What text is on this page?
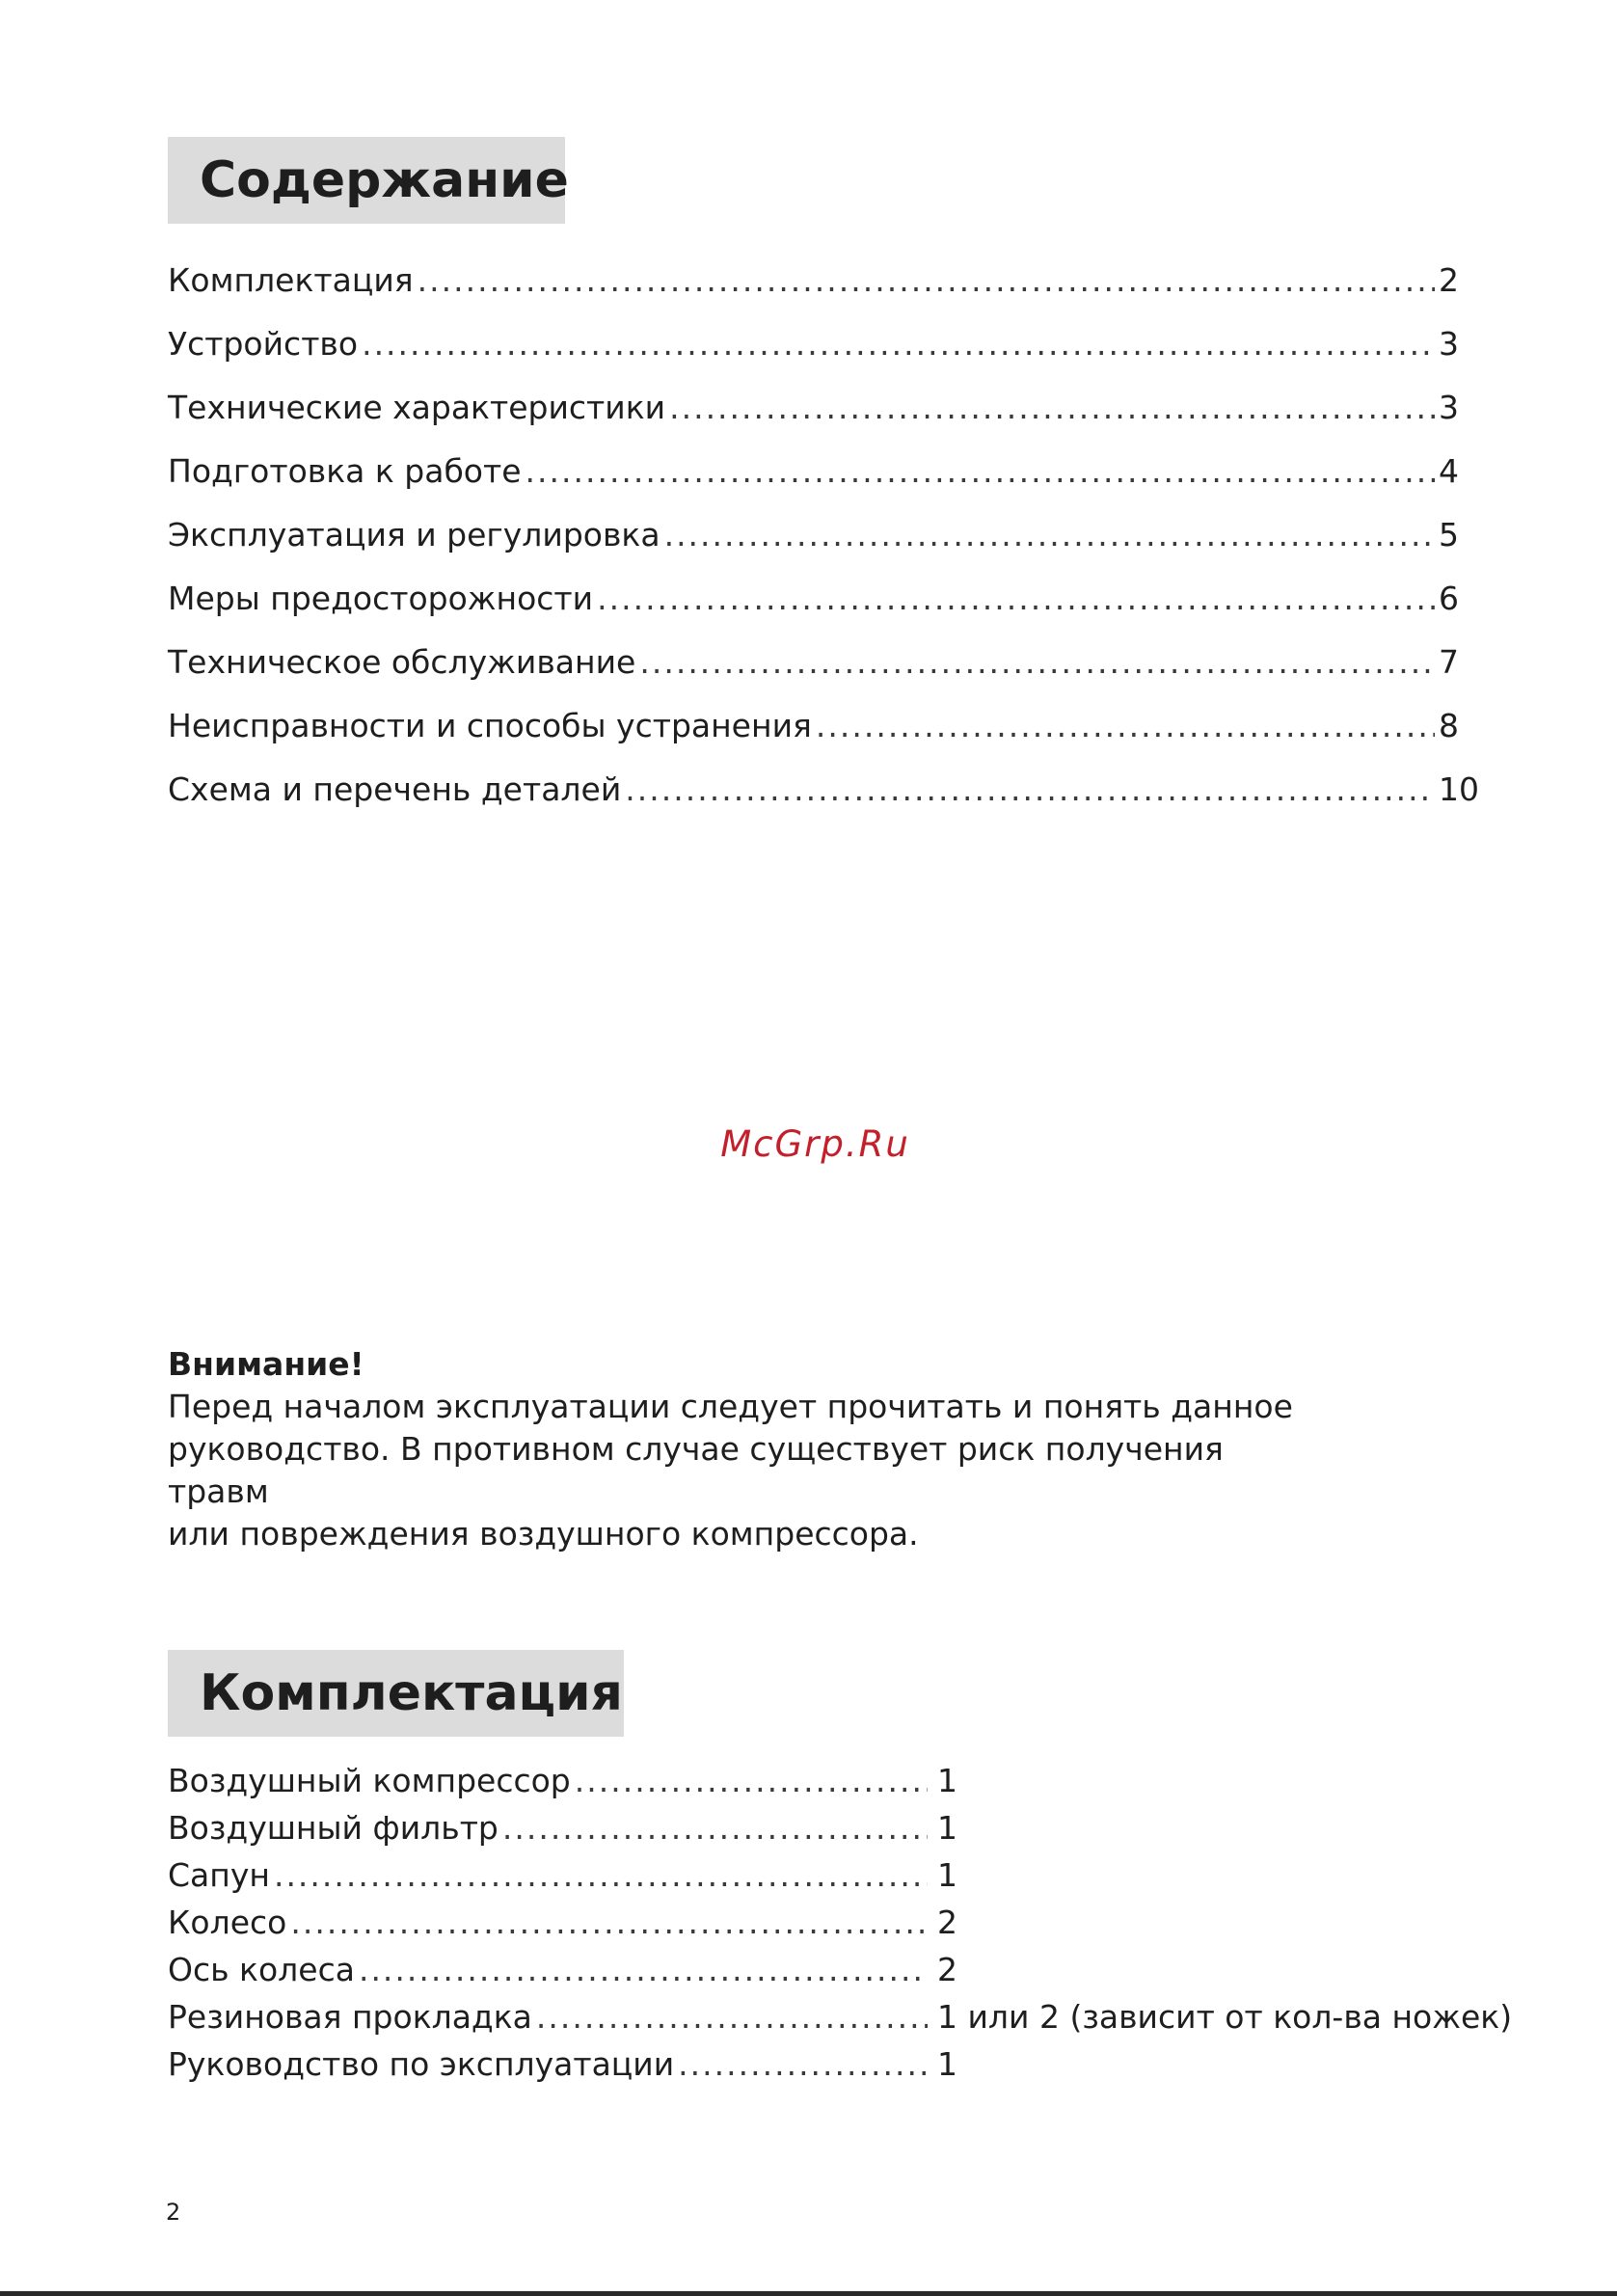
Содержание
Комплектация .....	2
Устройство .....	3
Технические характеристики .....	3
Подготовка к работе .....	4
Эксплуатация и регулировка .....	5
Меры предосторожности .....	6
Техническое обслуживание .....	7
Неисправности и способы устранения .....	8
Схема и перечень деталей .....	10
McGrp.Ru

Внимание!

Перед началом эксплуатации следует прочитать и понять данное

руководство. В противном случае существует риск получения травм

или повреждения воздушного компрессора.

Комплектация
Воздушный компрессор .....	1
Воздушный фильтр .....	1
Сапун .....	1
Колесо .....	2
Ось колеса .....	2
Резиновая прокладка .....	1 или 2 (зависит от кол-ва ножек)
Руководство по эксплуатации .....	1
2
